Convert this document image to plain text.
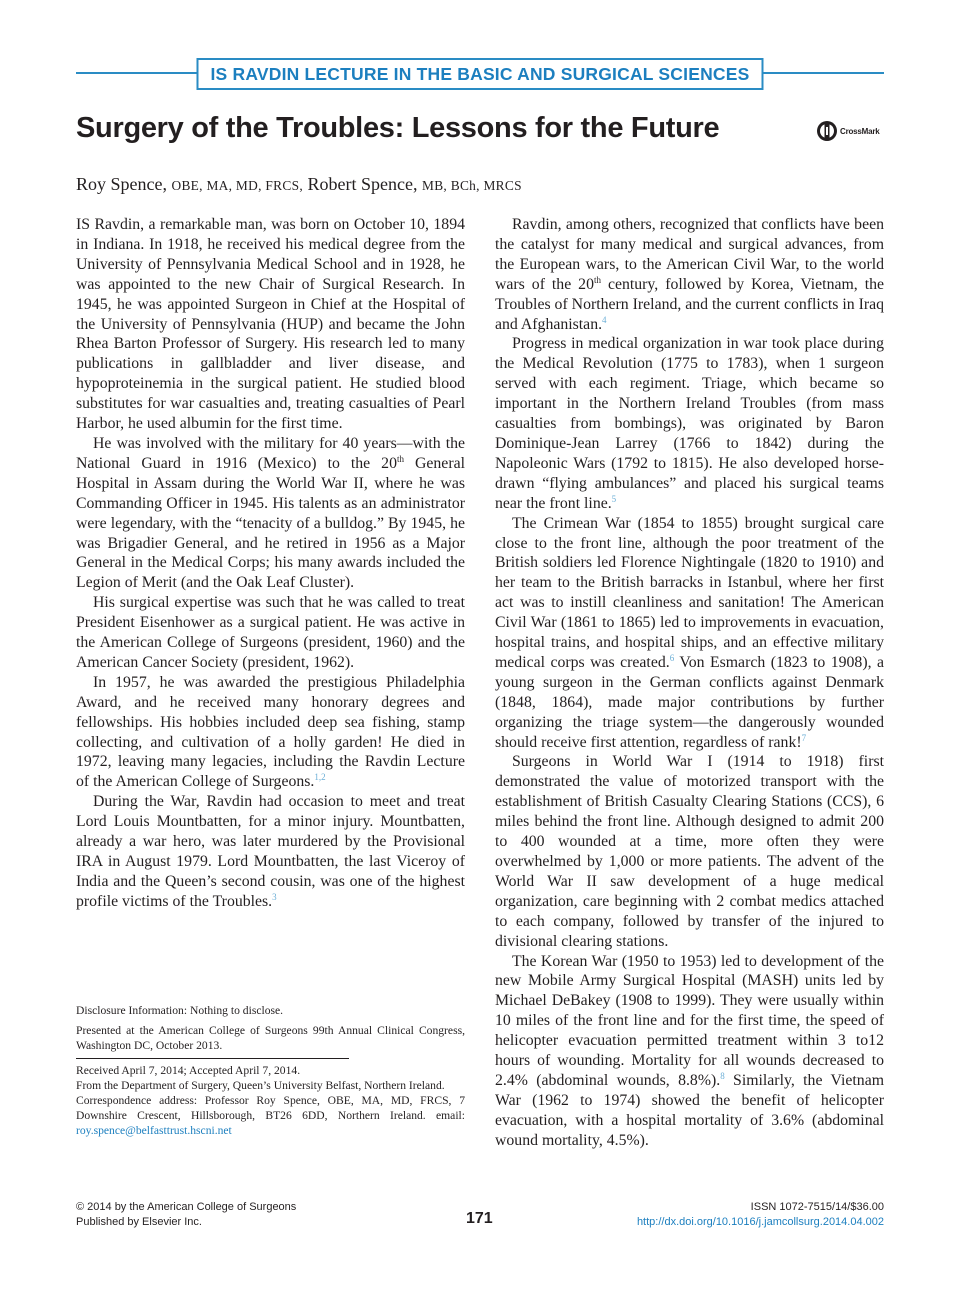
IS RAVDIN LECTURE IN THE BASIC AND SURGICAL SCIENCES
Surgery of the Troubles: Lessons for the Future	CrossMark
Roy Spence, OBE, MA, MD, FRCS, Robert Spence, MB, BCh, MRCS

IS Ravdin, a remarkable man, was born on October 10, 1894 in Indiana. In 1918, he received his medical degree from the University of Pennsylvania Medical School and in 1928, he was appointed to the new Chair of Surgical Research. In 1945, he was appointed Surgeon in Chief at the Hospital of the University of Pennsylvania (HUP) and became the John Rhea Barton Professor of Surgery. His research led to many publications in gallbladder and liver disease, and hypoproteinemia in the surgical patient. He studied blood substitutes for war casualties and, treating casualties of Pearl Harbor, he used albumin for the first time.

He was involved with the military for 40 years—with the National Guard in 1916 (Mexico) to the 20th General Hospital in Assam during the World War II, where he was Commanding Officer in 1945. His talents as an administrator were legendary, with the “tenacity of a bulldog.” By 1945, he was Brigadier General, and he retired in 1956 as a Major General in the Medical Corps; his many awards included the Legion of Merit (and the Oak Leaf Cluster).

His surgical expertise was such that he was called to treat President Eisenhower as a surgical patient. He was active in the American College of Surgeons (president, 1960) and the American Cancer Society (president, 1962).

In 1957, he was awarded the prestigious Philadelphia Award, and he received many honorary degrees and fellowships. His hobbies included deep sea fishing, stamp collecting, and cultivation of a holly garden! He died in 1972, leaving many legacies, including the Ravdin Lecture of the American College of Surgeons.$^{1,2}$

During the War, Ravdin had occasion to meet and treat Lord Louis Mountbatten, for a minor injury. Mountbatten, already a war hero, was later murdered by the Provisional IRA in August 1979. Lord Mountbatten, the last Viceroy of India and the Queen’s second cousin, was one of the highest profile victims of the Troubles.$^3$

Disclosure Information: Nothing to disclose.

Presented at the American College of Surgeons 99th Annual Clinical Congress, Washington DC, October 2013.

Received April 7, 2014; Accepted April 7, 2014.

From the Department of Surgery, Queen’s University Belfast, Northern Ireland.

Correspondence address: Professor Roy Spence, OBE, MA, MD, FRCS, 7 Downshire Crescent, Hillsborough, BT26 6DD, Northern Ireland. email: roy.spence@belfasttrust.hscni.net

Ravdin, among others, recognized that conflicts have been the catalyst for many medical and surgical advances, from the European wars, to the American Civil War, to the world wars of the 20th century, followed by Korea, Vietnam, the Troubles of Northern Ireland, and the current conflicts in Iraq and Afghanistan.$^4$

Progress in medical organization in war took place during the Medical Revolution (1775 to 1783), when 1 surgeon served with each regiment. Triage, which became so important in the Northern Ireland Troubles (from mass casualties from bombings), was originated by Baron Dominique-Jean Larrey (1766 to 1842) during the Napoleonic Wars (1792 to 1815). He also developed horse-drawn “flying ambulances” and placed his surgical teams near the front line.$^5$

The Crimean War (1854 to 1855) brought surgical care close to the front line, although the poor treatment of the British soldiers led Florence Nightingale (1820 to 1910) and her team to the British barracks in Istanbul, where her first act was to instill cleanliness and sanitation! The American Civil War (1861 to 1865) led to improvements in evacuation, hospital trains, and hospital ships, and an effective military medical corps was created.$^6$ Von Esmarch (1823 to 1908), a young surgeon in the German conflicts against Denmark (1848, 1864), made major contributions by further organizing the triage system—the dangerously wounded should receive first attention, regardless of rank!$^7$

Surgeons in World War I (1914 to 1918) first demonstrated the value of motorized transport with the establishment of British Casualty Clearing Stations (CCS), 6 miles behind the front line. Although designed to admit 200 to 400 wounded at a time, more often they were overwhelmed by 1,000 or more patients. The advent of the World War II saw development of a huge medical organization, care beginning with 2 combat medics attached to each company, followed by transfer of the injured to divisional clearing stations.

The Korean War (1950 to 1953) led to development of the new Mobile Army Surgical Hospital (MASH) units led by Michael DeBakey (1908 to 1999). They were usually within 10 miles of the front line and for the first time, the speed of helicopter evacuation permitted treatment within 3 to12 hours of wounding. Mortality for all wounds decreased to 2.4% (abdominal wounds, 8.8%).$^8$ Similarly, the Vietnam War (1962 to 1974) showed the benefit of helicopter evacuation, with a hospital mortality of 3.6% (abdominal wound mortality, 4.5%).

© 2014 by the American College of Surgeons
Published by Elsevier Inc.	171
ISSN 1072-7515/14/$36.00
http://dx.doi.org/10.1016/j.jamcollsurg.2014.04.002
